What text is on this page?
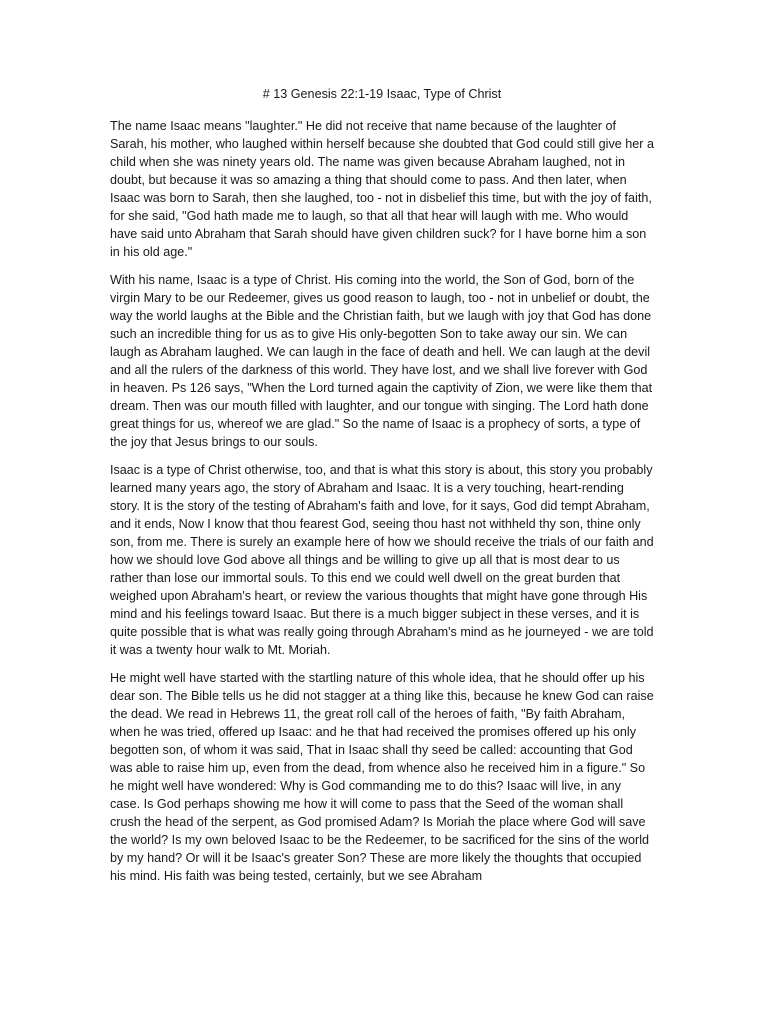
# 13 Genesis 22:1-19 Isaac, Type of Christ

The name Isaac means "laughter." He did not receive that name because of the laughter of Sarah, his mother, who laughed within herself because she doubted that God could still give her a child when she was ninety years old. The name was given because Abraham laughed, not in doubt, but because it was so amazing a thing that should come to pass. And then later, when Isaac was born to Sarah, then she laughed, too - not in disbelief this time, but with the joy of faith, for she said, "God hath made me to laugh, so that all that hear will laugh with me. Who would have said unto Abraham that Sarah should have given children suck? for I have borne him a son in his old age."

With his name, Isaac is a type of Christ. His coming into the world, the Son of God, born of the virgin Mary to be our Redeemer, gives us good reason to laugh, too - not in unbelief or doubt, the way the world laughs at the Bible and the Christian faith, but we laugh with joy that God has done such an incredible thing for us as to give His only-begotten Son to take away our sin. We can laugh as Abraham laughed. We can laugh in the face of death and hell. We can laugh at the devil and all the rulers of the darkness of this world. They have lost, and we shall live forever with God in heaven. Ps 126 says, "When the Lord turned again the captivity of Zion, we were like them that dream. Then was our mouth filled with laughter, and our tongue with singing. The Lord hath done great things for us, whereof we are glad." So the name of Isaac is a prophecy of sorts, a type of the joy that Jesus brings to our souls.

Isaac is a type of Christ otherwise, too, and that is what this story is about, this story you probably learned many years ago, the story of Abraham and Isaac. It is a very touching, heart-rending story. It is the story of the testing of Abraham's faith and love, for it says, God did tempt Abraham, and it ends, Now I know that thou fearest God, seeing thou hast not withheld thy son, thine only son, from me. There is surely an example here of how we should receive the trials of our faith and how we should love God above all things and be willing to give up all that is most dear to us rather than lose our immortal souls. To this end we could well dwell on the great burden that weighed upon Abraham's heart, or review the various thoughts that might have gone through His mind and his feelings toward Isaac. But there is a much bigger subject in these verses, and it is quite possible that is what was really going through Abraham's mind as he journeyed - we are told it was a twenty hour walk to Mt. Moriah.

He might well have started with the startling nature of this whole idea, that he should offer up his dear son. The Bible tells us he did not stagger at a thing like this, because he knew God can raise the dead. We read in Hebrews 11, the great roll call of the heroes of faith, "By faith Abraham, when he was tried, offered up Isaac: and he that had received the promises offered up his only begotten son, of whom it was said, That in Isaac shall thy seed be called: accounting that God was able to raise him up, even from the dead, from whence also he received him in a figure." So he might well have wondered: Why is God commanding me to do this? Isaac will live, in any case. Is God perhaps showing me how it will come to pass that the Seed of the woman shall crush the head of the serpent, as God promised Adam? Is Moriah the place where God will save the world? Is my own beloved Isaac to be the Redeemer, to be sacrificed for the sins of the world by my hand? Or will it be Isaac's greater Son? These are more likely the thoughts that occupied his mind. His faith was being tested, certainly, but we see Abraham
